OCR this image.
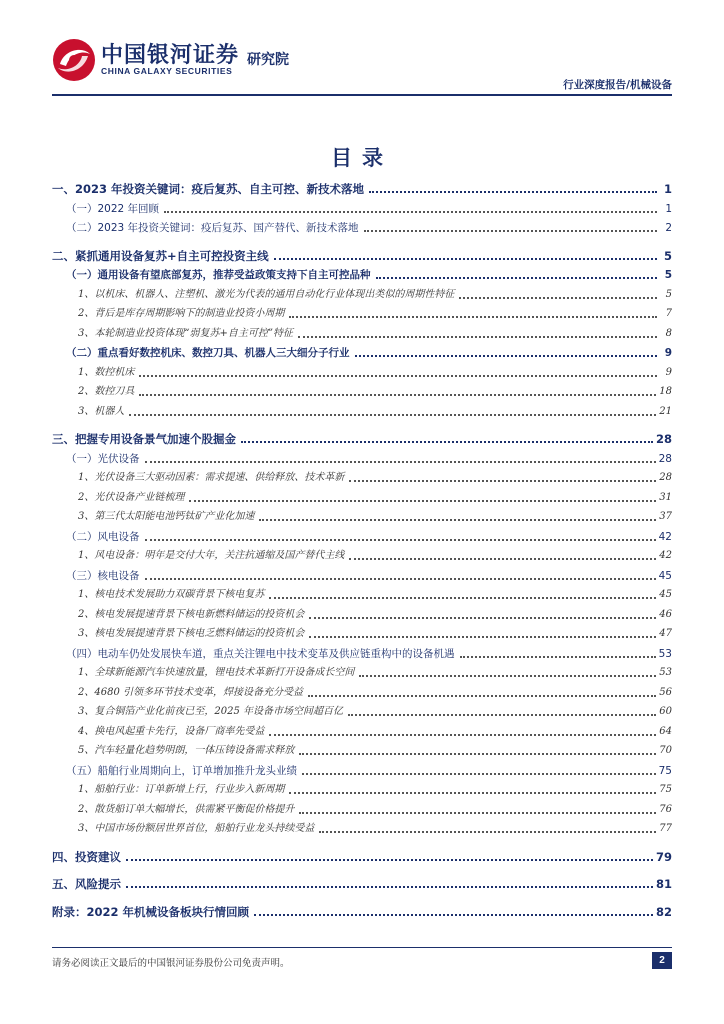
中国银河证券
CHINA GALAXY SECURITIES
研究院
行业深度报告/机械设备
目录
一、2023 年投资关键词：疫后复苏、自主可控、新技术落地	1
（一）2022 年回顾	1
（二）2023 年投资关键词：疫后复苏、国产替代、新技术落地	2
二、紧抓通用设备复苏+自主可控投资主线	5
（一）通用设备有望底部复苏，推荐受益政策支持下自主可控品种	5
1、以机床、机器人、注塑机、激光为代表的通用自动化行业体现出类似的周期性特征	5
2、背后是库存周期影响下的制造业投资小周期	7
3、本轮制造业投资体现“弱复苏+自主可控”特征	8
（二）重点看好数控机床、数控刀具、机器人三大细分子行业	9
1、数控机床	9
2、数控刀具	18
3、机器人	21
三、把握专用设备景气加速个股掘金	28
（一）光伏设备	28
1、光伏设备三大驱动因素：需求提速、供给释放、技术革新	28
2、光伏设备产业链梳理	31
3、第三代太阳能电池钙钛矿产业化加速	37
（二）风电设备	42
1、风电设备：明年是交付大年，关注抗通缩及国产替代主线	42
（三）核电设备	45
1、核电技术发展助力双碳背景下核电复苏	45
2、核电发展提速背景下核电新燃料储运的投资机会	46
3、核电发展提速背景下核电乏燃料储运的投资机会	47
（四）电动车仍处发展快车道，重点关注锂电中技术变革及供应链重构中的设备机遇	53
1、全球新能源汽车快速放量，锂电技术革新打开设备成长空间	53
2、4680 引领多环节技术变革，焊接设备充分受益	56
3、复合铜箔产业化前夜已至，2025 年设备市场空间超百亿	60
4、换电风起重卡先行，设备厂商率先受益	64
5、汽车轻量化趋势明朗，一体压铸设备需求释放	70
（五）船舶行业周期向上，订单增加推升龙头业绩	75
1、船舶行业：订单新增上行，行业步入新周期	75
2、散货船订单大幅增长，供需紧平衡促价格提升	76
3、中国市场份额居世界首位，船舶行业龙头持续受益	77
四、投资建议	79
五、风险提示	81
附录：2022 年机械设备板块行情回顾	82
请务必阅读正文最后的中国银河证券股份公司免责声明。	2
